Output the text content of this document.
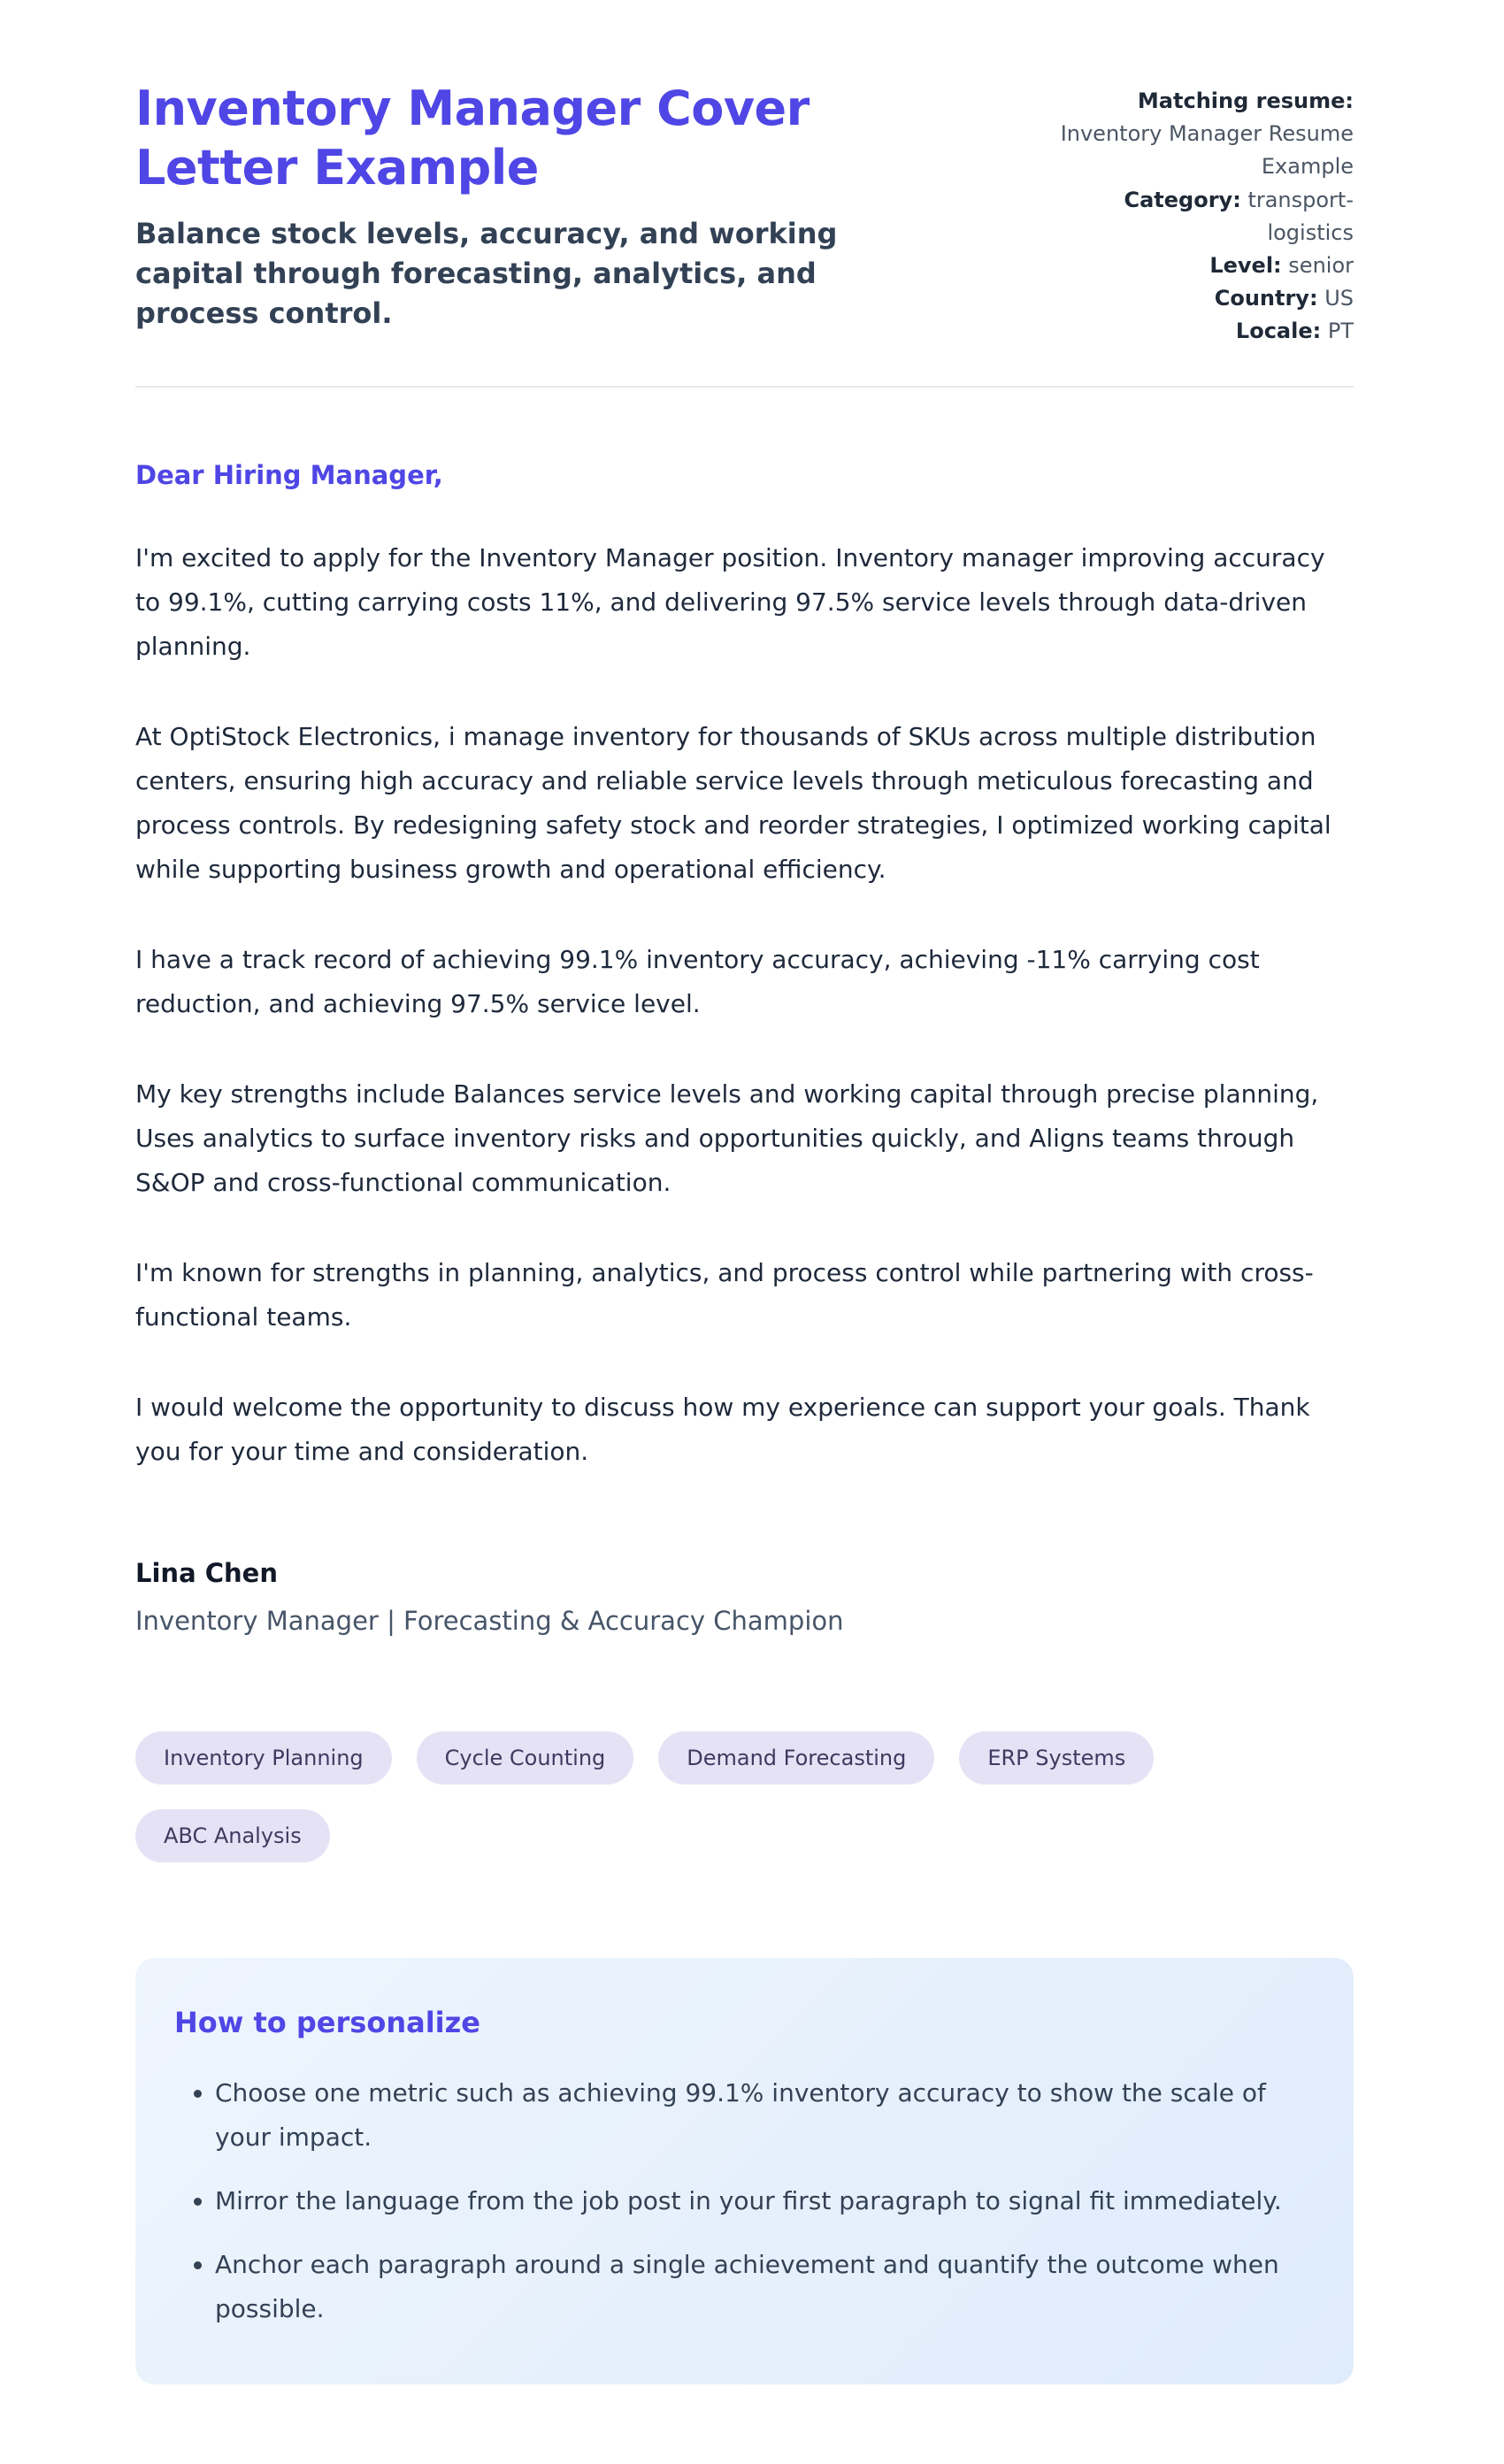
Inventory Manager Cover Letter Example

Balance stock levels, accuracy, and working capital through forecasting, analytics, and process control.

Matching resume: Inventory Manager Resume Example
Category: transport-logistics
Level: senior
Country: US
Locale: PT

Dear Hiring Manager,

I'm excited to apply for the Inventory Manager position. Inventory manager improving accuracy to 99.1%, cutting carrying costs 11%, and delivering 97.5% service levels through data-driven planning.

At OptiStock Electronics, i manage inventory for thousands of SKUs across multiple distribution centers, ensuring high accuracy and reliable service levels through meticulous forecasting and process controls. By redesigning safety stock and reorder strategies, I optimized working capital while supporting business growth and operational efficiency.

I have a track record of achieving 99.1% inventory accuracy, achieving -11% carrying cost reduction, and achieving 97.5% service level.

My key strengths include Balances service levels and working capital through precise planning, Uses analytics to surface inventory risks and opportunities quickly, and Aligns teams through S&OP and cross-functional communication.

I'm known for strengths in planning, analytics, and process control while partnering with cross-functional teams.

I would welcome the opportunity to discuss how my experience can support your goals. Thank you for your time and consideration.

Lina Chen

Inventory Manager | Forecasting & Accuracy Champion

Inventory Planning	Cycle Counting	Demand Forecasting	ERP Systems
ABC Analysis
How to personalize
• Choose one metric such as achieving 99.1% inventory accuracy to show the scale of your impact.
• Mirror the language from the job post in your first paragraph to signal fit immediately.
• Anchor each paragraph around a single achievement and quantify the outcome when possible.
